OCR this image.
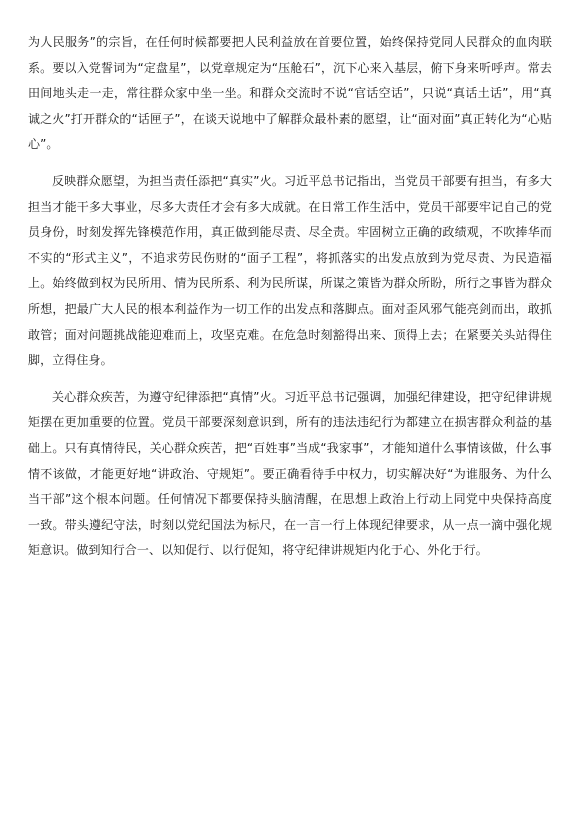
为人民服务”的宗旨，在任何时候都要把人民利益放在首要位置，始终保持党同人民群众的血肉联系。要以入党誓词为“定盘星”，以党章规定为“压舱石”，沉下心来入基层，俯下身来听呼声。常去田间地头走一走，常往群众家中坐一坐。和群众交流时不说“官话空话”，只说“真话土话”，用“真诚之火”打开群众的“话匣子”，在谈天说地中了解群众最朴素的愿望，让“面对面”真正转化为“心贴心”。

反映群众愿望，为担当责任添把“真实”火。习近平总书记指出，当党员干部要有担当，有多大担当才能干多大事业，尽多大责任才会有多大成就。在日常工作生活中，党员干部要牢记自己的党员身份，时刻发挥先锋模范作用，真正做到能尽责、尽全责。牢固树立正确的政绩观，不吹捧华而不实的“形式主义”，不追求劳民伤财的“面子工程”，将抓落实的出发点放到为党尽责、为民造福上。始终做到权为民所用、情为民所系、利为民所谋，所谋之策皆为群众所盼，所行之事皆为群众所想，把最广大人民的根本利益作为一切工作的出发点和落脚点。面对歪风邪气能亮剑而出，敢抓敢管；面对问题挑战能迎难而上，攻坚克难。在危急时刻豁得出来、顶得上去；在紧要关头站得住脚，立得住身。

关心群众疾苦，为遵守纪律添把“真情”火。习近平总书记强调，加强纪律建设，把守纪律讲规矩摆在更加重要的位置。党员干部要深刻意识到，所有的违法违纪行为都建立在损害群众利益的基础上。只有真情待民，关心群众疾苦，把“百姓事”当成“我家事”，才能知道什么事情该做，什么事情不该做，才能更好地“讲政治、守规矩”。要正确看待手中权力，切实解决好“为谁服务、为什么当干部”这个根本问题。任何情况下都要保持头脑清醒，在思想上政治上行动上同党中央保持高度一致。带头遵纪守法，时刻以党纪国法为标尺，在一言一行上体现纪律要求，从一点一滴中强化规矩意识。做到知行合一、以知促行、以行促知，将守纪律讲规矩内化于心、外化于行。
